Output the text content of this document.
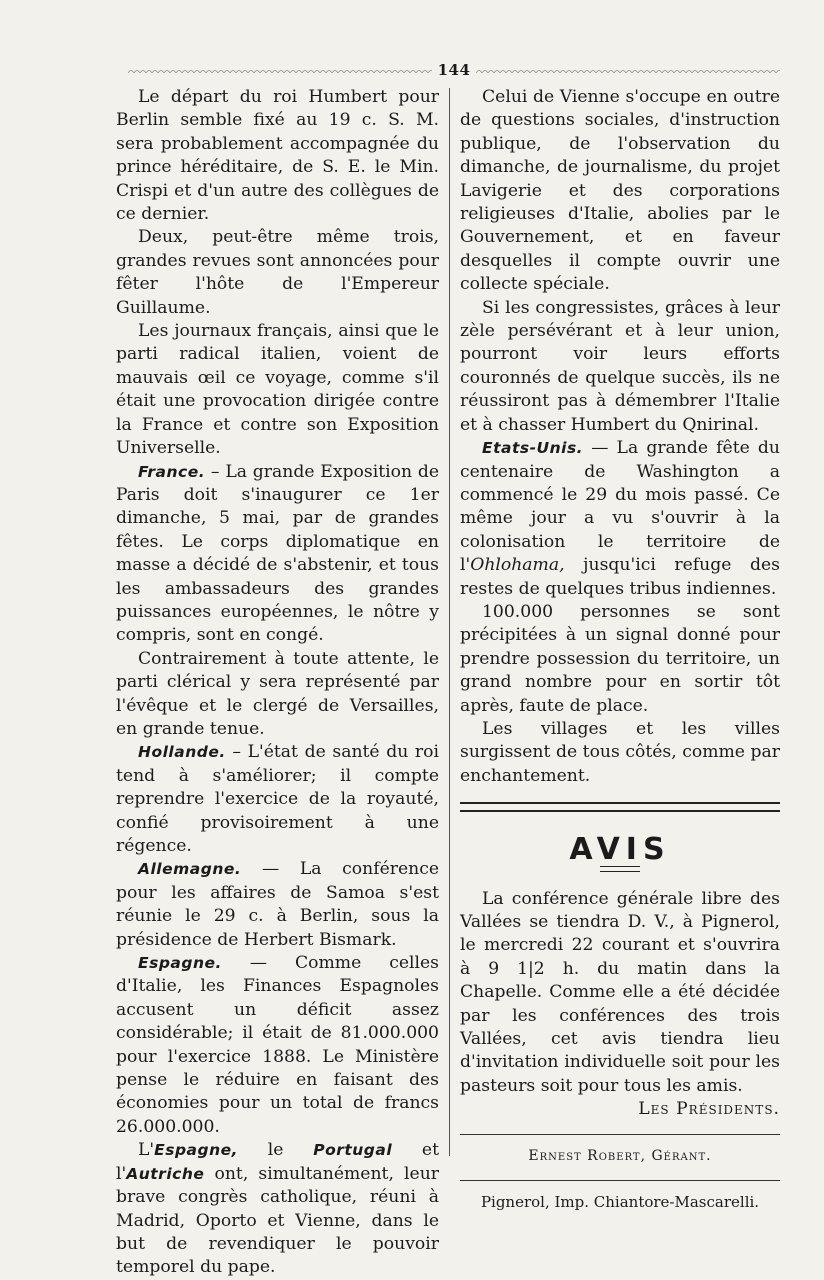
144

Le départ du roi Humbert pour Berlin semble fixé au 19 c. S. M. sera probablement accompagnée du prince héréditaire, de S. E. le Min. Crispi et d'un autre des collègues de ce dernier.

Deux, peut-être même trois, grandes revues sont annoncées pour fêter l'hôte de l'Empereur Guillaume.

Les journaux français, ainsi que le parti radical italien, voient de mauvais œil ce voyage, comme s'il était une provocation dirigée contre la France et contre son Exposition Universelle.

France. – La grande Exposition de Paris doit s'inaugurer ce 1er dimanche, 5 mai, par de grandes fêtes. Le corps diplomatique en masse a décidé de s'abstenir, et tous les ambassadeurs des grandes puissances européennes, le nôtre y compris, sont en congé.

Contrairement à toute attente, le parti clérical y sera représenté par l'évêque et le clergé de Versailles, en grande tenue.

Hollande. – L'état de santé du roi tend à s'améliorer; il compte reprendre l'exercice de la royauté, confié provisoirement à une régence.

Allemagne. — La conférence pour les affaires de Samoa s'est réunie le 29 c. à Berlin, sous la présidence de Herbert Bismark.

Espagne. — Comme celles d'Italie, les Finances Espagnoles accusent un déficit assez considérable; il était de 81.000.000 pour l'exercice 1888. Le Ministère pense le réduire en faisant des économies pour un total de francs 26.000.000.

L'Espagne, le Portugal et l'Autriche ont, simultanément, leur brave congrès catholique, réuni à Madrid, Oporto et Vienne, dans le but de revendiquer le pouvoir temporel du pape.

Celui de Vienne s'occupe en outre de questions sociales, d'instruction publique, de l'observation du dimanche, de journalisme, du projet Lavigerie et des corporations religieuses d'Italie, abolies par le Gouvernement, et en faveur desquelles il compte ouvrir une collecte spéciale.

Si les congressistes, grâces à leur zèle persévérant et à leur union, pourront voir leurs efforts couronnés de quelque succès, ils ne réussiront pas à démembrer l'Italie et à chasser Humbert du Qnirinal.

Etats-Unis. — La grande fête du centenaire de Washington a commencé le 29 du mois passé. Ce même jour a vu s'ouvrir à la colonisation le territoire de l'Ohlohama, jusqu'ici refuge des restes de quelques tribus indiennes.

100.000 personnes se sont précipitées à un signal donné pour prendre possession du territoire, un grand nombre pour en sortir tôt après, faute de place.

Les villages et les villes surgissent de tous côtés, comme par enchantement.

AVIS

La conférence générale libre des Vallées se tiendra D. V., à Pignerol, le mercredi 22 courant et s'ouvrira à 9 1|2 h. du matin dans la Chapelle. Comme elle a été décidée par les conférences des trois Vallées, cet avis tiendra lieu d'invitation individuelle soit pour les pasteurs soit pour tous les amis.
Les Présidents.

Ernest Robert, Gérant.

Pignerol, Imp. Chiantore-Mascarelli.
